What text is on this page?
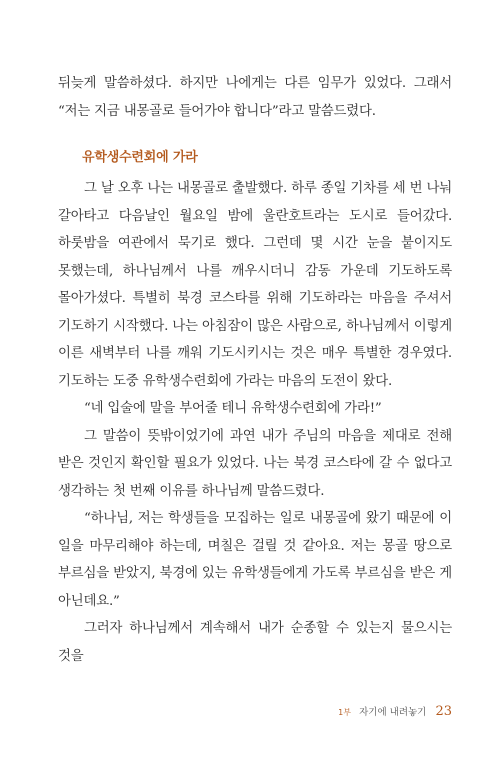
뒤늦게 말씀하셨다. 하지만 나에게는 다른 임무가 있었다. 그래서 “저는 지금 내몽골로 들어가야 합니다”라고 말씀드렸다.

유학생수련회에 가라

그 날 오후 나는 내몽골로 출발했다. 하루 종일 기차를 세 번 나눠 갈아타고 다음날인 월요일 밤에 울란호트라는 도시로 들어갔다. 하룻밤을 여관에서 묵기로 했다. 그런데 몇 시간 눈을 붙이지도 못했는데, 하나님께서 나를 깨우시더니 감동 가운데 기도하도록 몰아가셨다. 특별히 북경 코스타를 위해 기도하라는 마음을 주셔서 기도하기 시작했다. 나는 아침잠이 많은 사람으로, 하나님께서 이렇게 이른 새벽부터 나를 깨워 기도시키시는 것은 매우 특별한 경우였다. 기도하는 도중 유학생수련회에 가라는 마음의 도전이 왔다.

“네 입술에 말을 부어줄 테니 유학생수련회에 가라!”

그 말씀이 뜻밖이었기에 과연 내가 주님의 마음을 제대로 전해 받은 것인지 확인할 필요가 있었다. 나는 북경 코스타에 갈 수 없다고 생각하는 첫 번째 이유를 하나님께 말씀드렸다.

“하나님, 저는 학생들을 모집하는 일로 내몽골에 왔기 때문에 이 일을 마무리해야 하는데, 며칠은 걸릴 것 같아요. 저는 몽골 땅으로 부르심을 받았지, 북경에 있는 유학생들에게 가도록 부르심을 받은 게 아닌데요.”

그러자 하나님께서 계속해서 내가 순종할 수 있는지 물으시는 것을

1부 자기에 내려놓기 23
